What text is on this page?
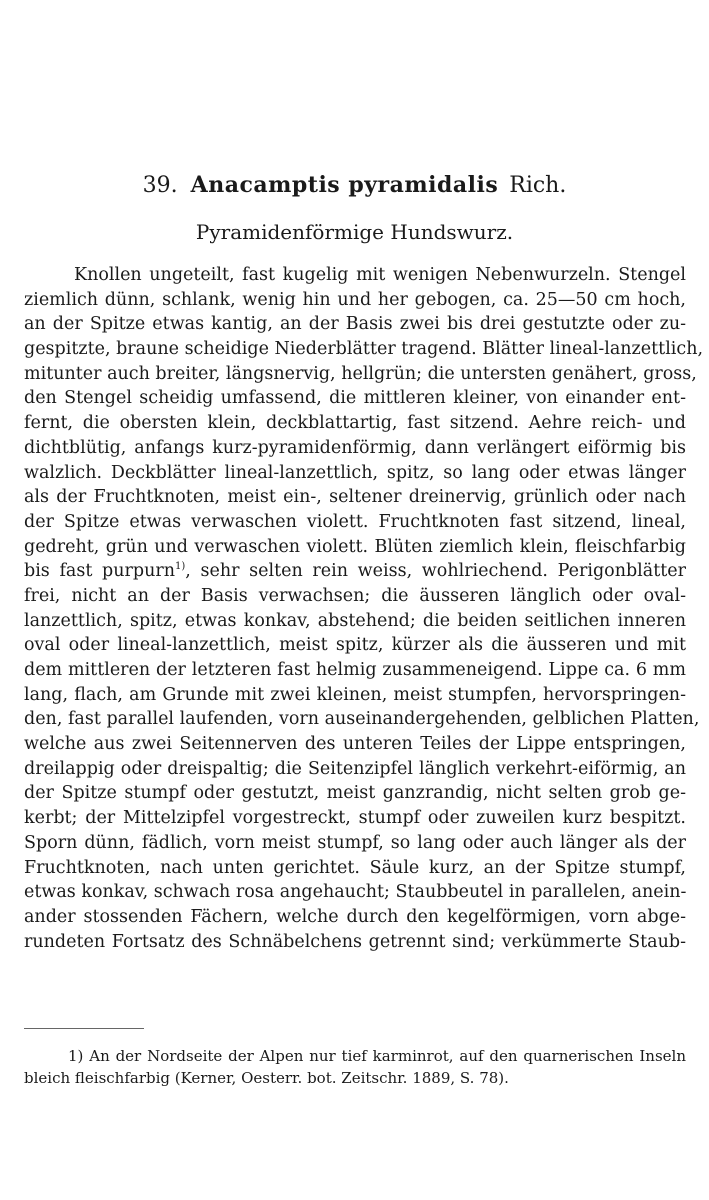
39. Anacamptis pyramidalis Rich.
Pyramidenförmige Hundswurz.
Knollen ungeteilt, fast kugelig mit wenigen Nebenwurzeln. Stengel
ziemlich dünn, schlank, wenig hin und her gebogen, ca. 25—50 cm hoch,
an der Spitze etwas kantig, an der Basis zwei bis drei gestutzte oder zu-
gespitzte, braune scheidige Niederblätter tragend. Blätter lineal-lanzettlich,
mitunter auch breiter, längsnervig, hellgrün; die untersten genähert, gross,
den Stengel scheidig umfassend, die mittleren kleiner, von einander ent-
fernt, die obersten klein, deckblattartig, fast sitzend. Aehre reich- und
dichtblütig, anfangs kurz-pyramidenförmig, dann verlängert eiförmig bis
walzlich. Deckblätter lineal-lanzettlich, spitz, so lang oder etwas länger
als der Fruchtknoten, meist ein-, seltener dreinervig, grünlich oder nach
der Spitze etwas verwaschen violett. Fruchtknoten fast sitzend, lineal,
gedreht, grün und verwaschen violett. Blüten ziemlich klein, fleischfarbig
bis fast purpurn$^{1)}$, sehr selten rein weiss, wohlriechend. Perigonblätter
frei, nicht an der Basis verwachsen; die äusseren länglich oder oval-
lanzettlich, spitz, etwas konkav, abstehend; die beiden seitlichen inneren
oval oder lineal-lanzettlich, meist spitz, kürzer als die äusseren und mit
dem mittleren der letzteren fast helmig zusammeneigend. Lippe ca. 6 mm
lang, flach, am Grunde mit zwei kleinen, meist stumpfen, hervorspringen-
den, fast parallel laufenden, vorn auseinandergehenden, gelblichen Platten,
welche aus zwei Seitennerven des unteren Teiles der Lippe entspringen,
dreilappig oder dreispaltig; die Seitenzipfel länglich verkehrt-eiförmig, an
der Spitze stumpf oder gestutzt, meist ganzrandig, nicht selten grob ge-
kerbt; der Mittelzipfel vorgestreckt, stumpf oder zuweilen kurz bespitzt.
Sporn dünn, fädlich, vorn meist stumpf, so lang oder auch länger als der
Fruchtknoten, nach unten gerichtet. Säule kurz, an der Spitze stumpf,
etwas konkav, schwach rosa angehaucht; Staubbeutel in parallelen, anein-
ander stossenden Fächern, welche durch den kegelförmigen, vorn abge-
rundeten Fortsatz des Schnäbelchens getrennt sind; verkümmerte Staub-
1) An der Nordseite der Alpen nur tief karminrot, auf den quarnerischen Inseln
bleich fleischfarbig (Kerner, Oesterr. bot. Zeitschr. 1889, S. 78).
